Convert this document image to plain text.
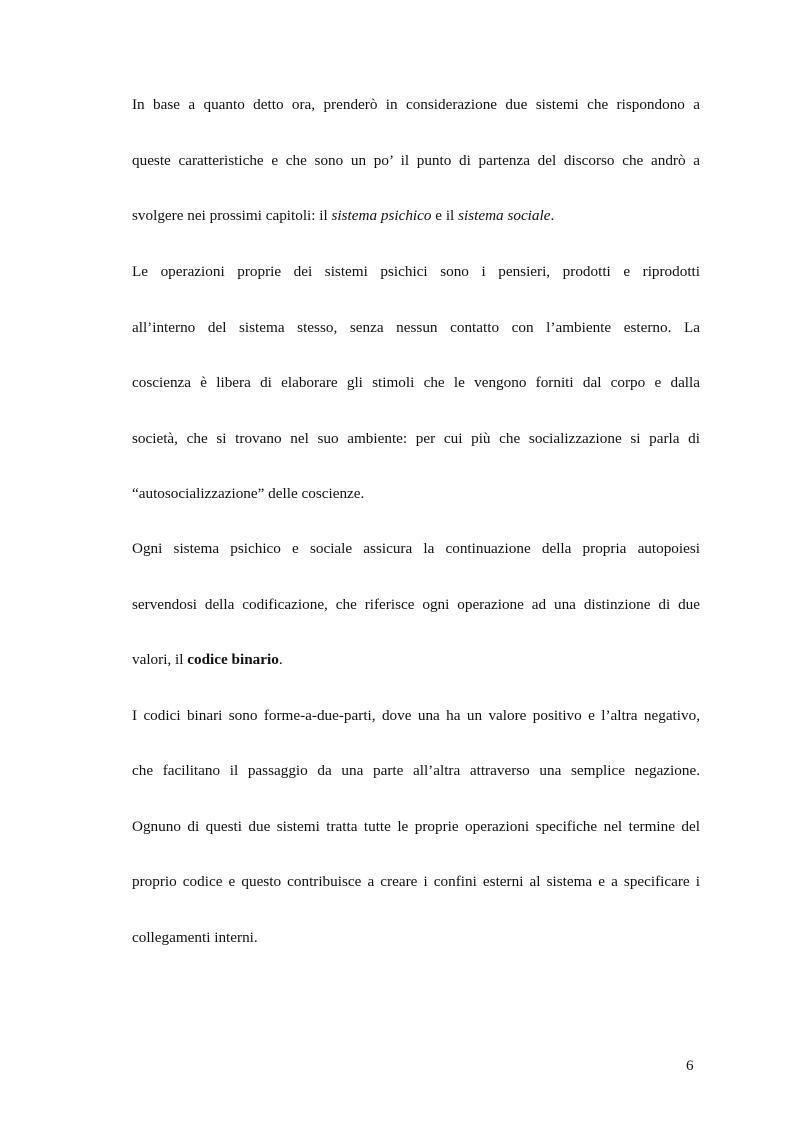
In base a quanto detto ora, prenderò in considerazione due sistemi che rispondono a
queste caratteristiche e che sono un po’ il punto di partenza del discorso che andrò a
svolgere nei prossimi capitoli: il sistema psichico e il sistema sociale.
Le operazioni proprie dei sistemi psichici sono i pensieri, prodotti e riprodotti
all’interno del sistema stesso, senza nessun contatto con l’ambiente esterno. La
coscienza è libera di elaborare gli stimoli che le vengono forniti dal corpo e dalla
società, che si trovano nel suo ambiente: per cui più che socializzazione si parla di
“autosocializzazione” delle coscienze.
Ogni sistema psichico e sociale assicura la continuazione della propria autopoiesi
servendosi della codificazione, che riferisce ogni operazione ad una distinzione di due
valori, il codice binario.
I codici binari sono forme-a-due-parti, dove una ha un valore positivo e l’altra negativo,
che facilitano il passaggio da una parte all’altra attraverso una semplice negazione.
Ognuno di questi due sistemi tratta tutte le proprie operazioni specifiche nel termine del
proprio codice e questo contribuisce a creare i confini esterni al sistema e a specificare i
collegamenti interni.
6
